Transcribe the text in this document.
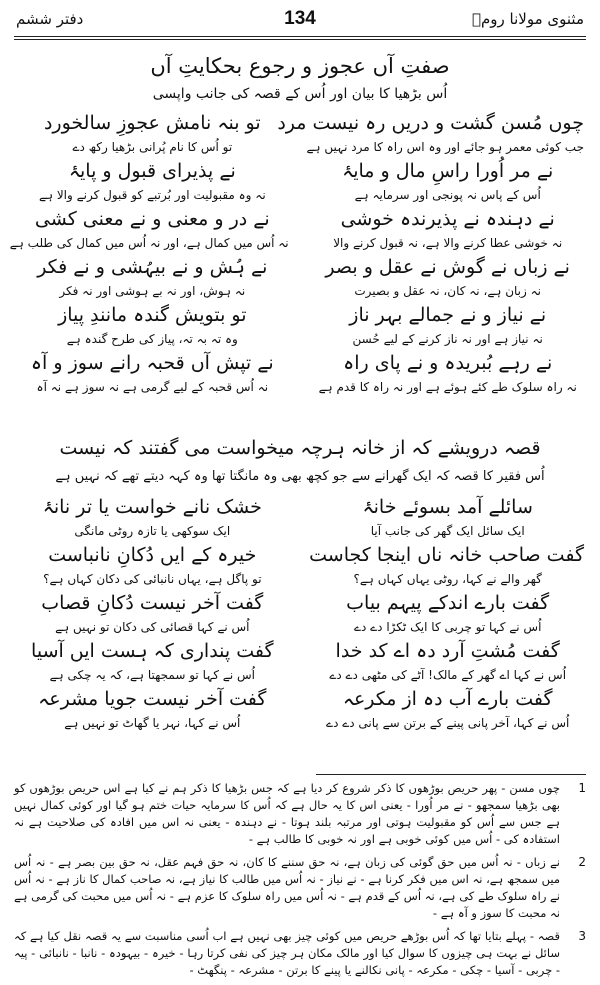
دفتر ششم	134	مثنوی مولانا رومؒ
صفتِ آں عجوز و رجوع بحکایتِ آں
اُس بڑھیا کا بیان اور اُس کے قصہ کی جانب واپسی
چوں مُسن گشت و دریں رہ نیست مرد
تو بنہ نامش عجوزِ سالخورد
جب کوئی معمر ہو جائے اور وہ اس راہ کا مرد نہیں ہے
تو اُس کا نام پُرانی بڑھیا رکھ دے
نے مر اُورا راسِ مال و مایۂ
نے پذیرای قبول و پایۂ
اُس کے پاس نہ پونجی اور سرمایہ ہے
نہ وہ مقبولیت اور بُرتبے کو قبول کرنے والا ہے
نے دہندہ نے پذیرندہ خوشی
نے در و معنی و نے معنی کشی
نہ خوشی عطا کرنے والا ہے، نہ قبول کرنے والا
نہ اُس میں کمال ہے، اور نہ اُس میں کمال کی طلب ہے
نے زباں نے گوش نے عقل و بصر
نے ہُش و نے بیہُشی و نے فکر
نہ زبان ہے، نہ کان، نہ عقل و بصیرت
نہ ہوش، اور نہ بے ہوشی اور نہ فکر
نے نیاز و نے جمالے بہر ناز
تو بتویش گندہ مانندِ پیاز
نہ نیاز ہے اور نہ ناز کرنے کے لیے حُسن
وہ تہ بہ تہ، پیاز کی طرح گندہ ہے
نے رہے بُبریدہ و نے پای راہ
نے تپش آں قحبہ رانے سوز و آہ
نہ راہ سلوک طے کئے ہوئے ہے اور نہ راہ کا قدم ہے
نہ اُس قحبہ کے لیے گرمی ہے نہ سوز ہے نہ آہ
قصہ درویشے کہ از خانہ ہرچہ میخواست می گفتند کہ نیست
اُس فقیر کا قصہ کہ ایک گھرانے سے جو کچھ بھی وہ مانگتا تھا وہ کہہ دیتے تھے کہ نہیں ہے
سائلے آمد بسوئے خانۂ
خشک نانے خواست یا تر نانۂ
ایک سائل ایک گھر کی جانب آیا
ایک سوکھی یا تازہ روٹی مانگی
گفت صاحب خانہ ناں اینجا کجاست
خیرہ کے ایں دُکانِ نانباست
گھر والے نے کہا، روٹی یہاں کہاں ہے؟
تو پاگل ہے، یہاں نانبائی کی دکان کہاں ہے؟
گفت بارے اندکے پیہم بیاب
گفت آخر نیست دُکانِ قصاب
اُس نے کہا تو چربی کا ایک ٹکڑا دے دے
اُس نے کہا قصائی کی دکان تو نہیں ہے
گفت مُشتِ آرد دہ اے کد خدا
گفت پنداری کہ ہست ایں آسیا
اُس نے کہا اے گھر کے مالک! آٹے کی مٹھی دے دے
اُس نے کہا تو سمجھتا ہے، کہ یہ چکی ہے
گفت بارے آب دہ از مکرعہ
گفت آخر نیست جویا مشرعہ
اُس نے کہا، آخر پانی پینے کے برتن سے پانی دے دے
اُس نے کہا، نہر یا گھاٹ تو نہیں ہے
1
چوں مسن - پھر حریص بوڑھوں کا ذکر شروع کر دیا ہے کہ جس بڑھیا کا ذکر ہم نے کیا ہے اس حریص بوڑھوں کو بھی بڑھیا سمجھو - نے مر اُورا - یعنی اس کا یہ حال ہے کہ اُس کا سرمایہ حیات ختم ہو گیا اور کوئی کمال نہیں ہے جس سے اُس کو مقبولیت ہوتی اور مرتبہ بلند ہوتا - نے دہندہ - یعنی نہ اس میں افادہ کی صلاحیت ہے نہ استفادہ کی - اُس میں کوئی خوبی ہے اور نہ خوبی کا طالب ہے -
2
نے زباں - نہ اُس میں حق گوئی کی زبان ہے، نہ حق سننے کا کان، نہ حق فہم عقل، نہ حق بین بصر ہے - نہ اُس میں سمجھ ہے، نہ اس میں فکر کرنا ہے - نے نیاز - نہ اُس میں طالب کا نیاز ہے، نہ صاحب کمال کا ناز ہے - نہ اُس نے راہ سلوک طے کی ہے، نہ اُس کے قدم ہے - نہ اُس میں راہ سلوک کا عزم ہے - نہ اُس میں محبت کی گرمی ہے نہ محبت کا سوز و آہ ہے -
3
قصہ - پہلے بتایا تھا کہ اُس بوڑھے حریص میں کوئی چیز بھی نہیں ہے اب اُسی مناسبت سے یہ قصہ نقل کیا ہے کہ سائل نے بہت ہی چیزوں کا سوال کیا اور مالک مکان ہر چیز کی نفی کرتا رہا - خیرہ - بیہودہ - نانبا - نانبائی - پیہ - چربی - آسیا - چکی - مکرعہ - پانی نکالنے یا پینے کا برتن - مشرعہ - پنگھٹ -
